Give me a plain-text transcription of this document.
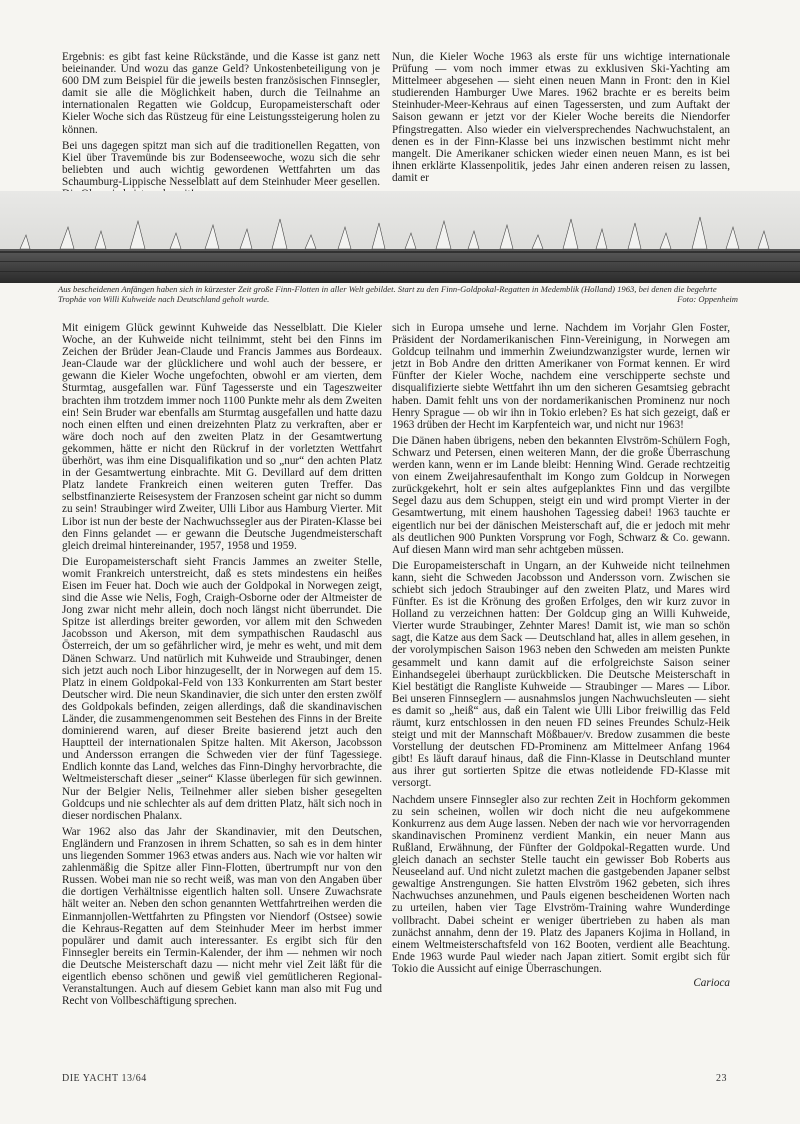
Ergebnis: es gibt fast keine Rückstände, und die Kasse ist ganz nett beieinander. Und wozu das ganze Geld? Unkostenbeteiligung von je 600 DM zum Beispiel für die jeweils besten französischen Finnsegler, damit sie alle die Möglichkeit haben, durch die Teilnahme an internationalen Regatten wie Goldcup, Europameisterschaft oder Kieler Woche sich das Rüstzeug für eine Leistungssteigerung holen zu können.

Bei uns dagegen spitzt man sich auf die traditionellen Regatten, von Kiel über Travemünde bis zur Bodenseewoche, wozu sich die sehr beliebten und auch wichtig gewordenen Wettfahrten um das Schaumburg-Lippische Nesselblatt auf dem Steinhuder Meer gesellen.

Nun, die Kieler Woche 1963 als erste für uns wichtige internationale Prüfung — vom noch immer etwas zu exklusiven Ski-Yachting am Mittelmeer abgesehen — sieht einen neuen Mann in Front: den in Kiel studierenden Hamburger Uwe Mares. 1962 brachte er es bereits beim Steinhuder-Meer-Kehraus auf einen Tagessersten, und zum Auftakt der Saison gewann er jetzt vor der Kieler Woche bereits die Niendorfer Pfingstregatten. Also wieder ein vielversprechendes Nachwuchstalent, an denen es in der Finn-Klasse bei uns inzwischen bestimmt nicht mehr mangelt. Die Amerikaner schicken wieder einen neuen Mann, es ist bei ihnen erklärte Klassenpolitik, jedes Jahr einen anderen reisen zu lassen, damit er

Aus bescheidenen Anfängen haben sich in kürzester Zeit große Finn-Flotten in aller Welt gebildet. Start zu den Finn-Goldpokal-Regatten in Medemblik (Holland) 1963, bei denen die begehrte Trophäe von Willi Kuhweide nach Deutschland geholt wurde.	Foto: Oppenheim

Mit einigem Glück gewinnt Kuhweide das Nesselblatt. Die Kieler Woche, an der Kuhweide nicht teilnimmt, steht bei den Finns im Zeichen der Brüder Jean-Claude und Francis Jammes aus Bordeaux. Jean-Claude war der glücklichere und wohl auch der bessere, er gewann die Kieler Woche ungefochten, obwohl er am vierten, dem Sturmtag, ausgefallen war. Fünf Tagesserste und ein Tageszweiter brachten ihm trotzdem immer noch 1100 Punkte mehr als dem Zweiten ein! Sein Bruder war ebenfalls am Sturmtag ausgefallen und hatte dazu noch einen elften und einen dreizehnten Platz zu verkraften, aber er wäre doch noch auf den zweiten Platz in der Gesamtwertung gekommen, hätte er nicht den Rückruf in der vorletzten Wettfahrt überhört, was ihm eine Disqualifikation und so „nur“ den achten Platz in der Gesamtwertung einbrachte. Mit G. Devillard auf dem dritten Platz landete Frankreich einen weiteren guten Treffer. Das selbstfinanzierte Reisesystem der Franzosen scheint gar nicht so dumm zu sein! Straubinger wird Zweiter, Ulli Libor aus Hamburg Vierter. Mit Libor ist nun der beste der Nachwuchssegler aus der Piraten-Klasse bei den Finns gelandet — er gewann die Deutsche Jugendmeisterschaft gleich dreimal hintereinander, 1957, 1958 und 1959.

Die Europameisterschaft sieht Francis Jammes an zweiter Stelle, womit Frankreich unterstreicht, daß es stets mindestens ein heißes Eisen im Feuer hat. Doch wie auch der Goldpokal in Norwegen zeigt, sind die Asse wie Nelis, Fogh, Craigh-Osborne oder der Altmeister de Jong zwar nicht mehr allein, doch noch längst nicht überrundet. Die Spitze ist allerdings breiter geworden, vor allem mit den Schweden Jacobsson und Akerson, mit dem sympathischen Raudaschl aus Österreich, der um so gefährlicher wird, je mehr es weht, und mit dem Dänen Schwarz. Und natürlich mit Kuhweide und Straubinger, denen sich jetzt auch noch Libor hinzugesellt, der in Norwegen auf dem 15. Platz in einem Goldpokal-Feld von 133 Konkurrenten am Start bester Deutscher wird. Die neun Skandinavier, die sich unter den ersten zwölf des Goldpokals befinden, zeigen allerdings, daß die skandinavischen Länder, die zusammengenommen seit Bestehen des Finns in der Breite dominierend waren, auf dieser Breite basierend jetzt auch den Hauptteil der internationalen Spitze halten. Mit Akerson, Jacobsson und Andersson errangen die Schweden vier der fünf Tagessiege. Endlich konnte das Land, welches das Finn-Dinghy hervorbrachte, die Weltmeisterschaft dieser „seiner“ Klasse überlegen für sich gewinnen. Nur der Belgier Nelis, Teilnehmer aller sieben bisher gesegelten Goldcups und nie schlechter als auf dem dritten Platz, hält sich noch in dieser nordischen Phalanx.

War 1962 also das Jahr der Skandinavier, mit den Deutschen, Engländern und Franzosen in ihrem Schatten, so sah es in dem hinter uns liegenden Sommer 1963 etwas anders aus. Nach wie vor halten wir zahlenmäßig die Spitze aller Finn-Flotten, übertrumpft nur von den Russen. Wobei man nie so recht weiß, was man von den Angaben über die dortigen Verhältnisse eigentlich halten soll. Unsere Zuwachsrate hält weiter an. Neben den schon genannten Wettfahrtreihen werden die Einmannjollen-Wettfahrten zu Pfingsten vor Niendorf (Ostsee) sowie die Kehraus-Regatten auf dem Steinhuder Meer im herbst immer populärer und damit auch interessanter. Es ergibt sich für den Finnsegler bereits ein Termin-Kalender, der ihm — nehmen wir noch die Deutsche Meisterschaft dazu — nicht mehr viel Zeit läßt für die eigentlich ebenso schönen und gewiß viel gemütlicheren Regional-Veranstaltungen. Auch auf diesem Gebiet kann man also mit Fug und Recht von Vollbeschäftigung sprechen.

sich in Europa umsehe und lerne. Nachdem im Vorjahr Glen Foster, Präsident der Nordamerikanischen Finn-Vereinigung, in Norwegen am Goldcup teilnahm und immerhin Zweiundzwanzigster wurde, lernen wir jetzt in Bob Andre den dritten Amerikaner von Format kennen. Er wird Fünfter der Kieler Woche, nachdem eine verschipperte sechste und disqualifizierte siebte Wettfahrt ihn um den sicheren Gesamtsieg gebracht haben. Damit fehlt uns von der nordamerikanischen Prominenz nur noch Henry Sprague — ob wir ihn in Tokio erleben? Es hat sich gezeigt, daß er 1963 drüben der Hecht im Karpfenteich war, und nicht nur 1963!

Die Dänen haben übrigens, neben den bekannten Elvström-Schülern Fogh, Schwarz und Petersen, einen weiteren Mann, der die große Überraschung werden kann, wenn er im Lande bleibt: Henning Wind. Gerade rechtzeitig von einem Zweijahresaufenthalt im Kongo zum Goldcup in Norwegen zurückgekehrt, holt er sein altes aufgeplanktes Finn und das vergilbte Segel dazu aus dem Schuppen, steigt ein und wird prompt Vierter in der Gesamtwertung, mit einem haushohen Tagessieg dabei! 1963 tauchte er eigentlich nur bei der dänischen Meisterschaft auf, die er jedoch mit mehr als deutlichen 900 Punkten Vorsprung vor Fogh, Schwarz & Co. gewann. Auf diesen Mann wird man sehr achtgeben müssen.

Die Europameisterschaft in Ungarn, an der Kuhweide nicht teilnehmen kann, sieht die Schweden Jacobsson und Andersson vorn. Zwischen sie schiebt sich jedoch Straubinger auf den zweiten Platz, und Mares wird Fünfter. Es ist die Krönung des großen Erfolges, den wir kurz zuvor in Holland zu verzeichnen hatten: Der Goldcup ging an Willi Kuhweide, Vierter wurde Straubinger, Zehnter Mares! Damit ist, wie man so schön sagt, die Katze aus dem Sack — Deutschland hat, alles in allem gesehen, in der vorolympischen Saison 1963 neben den Schweden am meisten Punkte gesammelt und kann damit auf die erfolgreichste Saison seiner Einhandsegelei überhaupt zurückblicken. Die Deutsche Meisterschaft in Kiel bestätigt die Rangliste Kuhweide — Straubinger — Mares — Libor. Bei unseren Finnseglern — ausnahmslos jungen Nachwuchsleuten — sieht es damit so „heiß“ aus, daß ein Talent wie Ulli Libor freiwillig das Feld räumt, kurz entschlossen in den neuen FD seines Freundes Schulz-Heik steigt und mit der Mannschaft Mößbauer/v. Bredow zusammen die beste Vorstellung der deutschen FD-Prominenz am Mittelmeer Anfang 1964 gibt! Es läuft darauf hinaus, daß die Finn-Klasse in Deutschland munter aus ihrer gut sortierten Spitze die etwas notleidende FD-Klasse mit versorgt.

Nachdem unsere Finnsegler also zur rechten Zeit in Hochform gekommen zu sein scheinen, wollen wir doch nicht die neu aufgekommene Konkurrenz aus dem Auge lassen. Neben der nach wie vor hervorragenden skandinavischen Prominenz verdient Mankin, ein neuer Mann aus Rußland, Erwähnung, der Fünfter der Goldpokal-Regatten wurde. Und gleich danach an sechster Stelle taucht ein gewisser Bob Roberts aus Neuseeland auf. Und nicht zuletzt machen die gastgebenden Japaner selbst gewaltige Anstrengungen. Sie hatten Elvström 1962 gebeten, sich ihres Nachwuchses anzunehmen, und Pauls eigenen bescheidenen Worten nach zu urteilen, haben vier Tage Elvström-Training wahre Wunderdinge vollbracht. Dabei scheint er weniger übertrieben zu haben als man zunächst annahm, denn der 19. Platz des Japaners Kojima in Holland, in einem Weltmeisterschaftsfeld von 162 Booten, verdient alle Beachtung. Ende 1963 wurde Paul wieder nach Japan zitiert. Somit ergibt sich für Tokio die Aussicht auf einige Überraschungen.

Carioca
DIE YACHT 13/64	23
